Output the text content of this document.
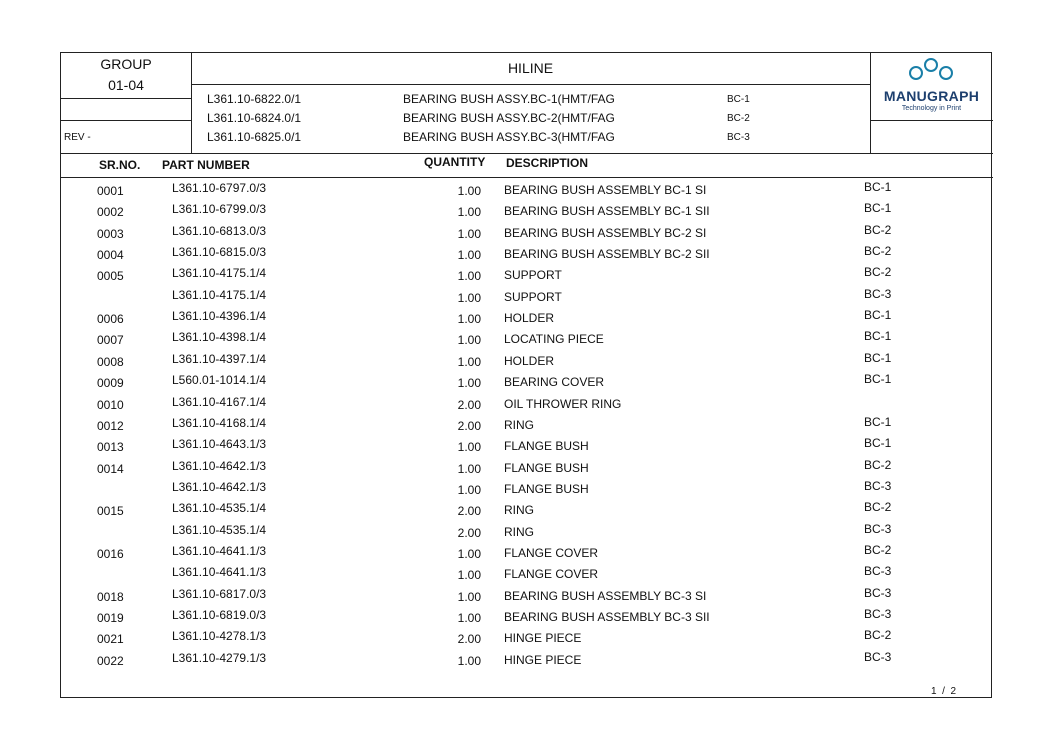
GROUP
01-04
REV -
HILINE
L361.10-6822.0/1	BEARING BUSH ASSY.BC-1(HMT/FAG	BC-1
L361.10-6824.0/1	BEARING BUSH ASSY.BC-2(HMT/FAG	BC-2
L361.10-6825.0/1	BEARING BUSH ASSY.BC-3(HMT/FAG	BC-3
MANUGRAPH
Technology in Print
SR.NO. PART NUMBER	QUANTITY DESCRIPTION
0001	L361.10-6797.0/3	1.00 BEARING BUSH ASSEMBLY BC-1 SI	BC-1
0002	L361.10-6799.0/3	1.00 BEARING BUSH ASSEMBLY BC-1 SII	BC-1
0003	L361.10-6813.0/3	1.00 BEARING BUSH ASSEMBLY BC-2 SI	BC-2
0004	L361.10-6815.0/3	1.00 BEARING BUSH ASSEMBLY BC-2 SII	BC-2
0005	L361.10-4175.1/4	1.00 SUPPORT	BC-2
L361.10-4175.1/4	1.00 SUPPORT	BC-3
0006	L361.10-4396.1/4	1.00 HOLDER	BC-1
0007	L361.10-4398.1/4	1.00 LOCATING PIECE	BC-1
0008	L361.10-4397.1/4	1.00 HOLDER	BC-1
0009	L560.01-1014.1/4	1.00 BEARING COVER	BC-1
0010	L361.10-4167.1/4	2.00 OIL THROWER RING
0012	L361.10-4168.1/4	2.00 RING	BC-1
0013	L361.10-4643.1/3	1.00 FLANGE BUSH	BC-1
0014	L361.10-4642.1/3	1.00 FLANGE BUSH	BC-2
L361.10-4642.1/3	1.00 FLANGE BUSH	BC-3
0015	L361.10-4535.1/4	2.00 RING	BC-2
L361.10-4535.1/4	2.00 RING	BC-3
0016	L361.10-4641.1/3	1.00 FLANGE COVER	BC-2
L361.10-4641.1/3	1.00 FLANGE COVER	BC-3
0018	L361.10-6817.0/3	1.00 BEARING BUSH ASSEMBLY BC-3 SI	BC-3
0019	L361.10-6819.0/3	1.00 BEARING BUSH ASSEMBLY BC-3 SII	BC-3
0021	L361.10-4278.1/3	2.00 HINGE PIECE	BC-2
0022	L361.10-4279.1/3	1.00 HINGE PIECE	BC-3
1  /  2
